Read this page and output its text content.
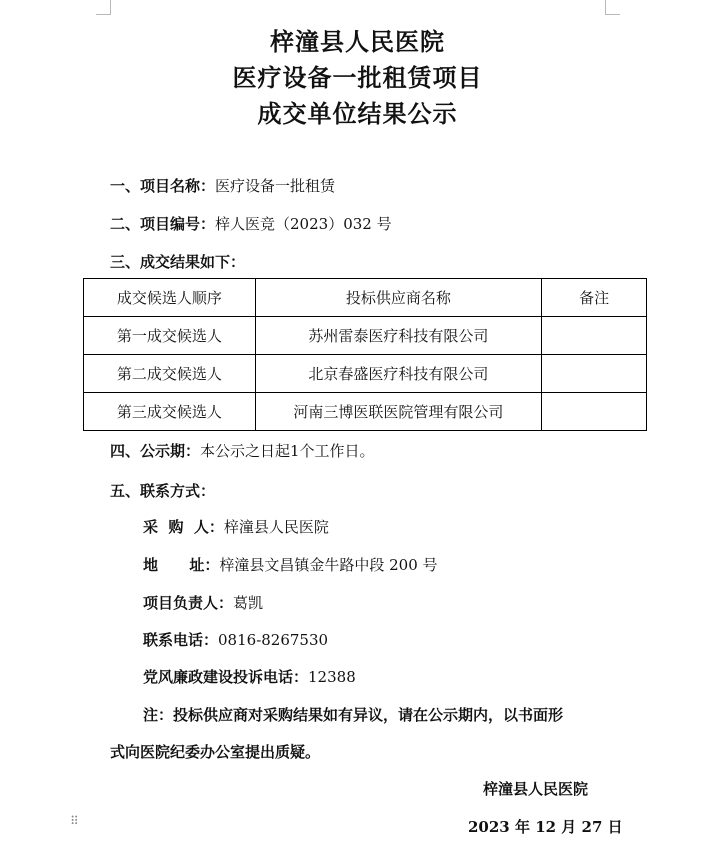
⠿
梓潼县人民医院
医疗设备一批租赁项目
成交单位结果公示
一、项目名称：医疗设备一批租赁
二、项目编号：梓人医竞（2023）032 号
三、成交结果如下：
成交候选人顺序	投标供应商名称	备注
第一成交候选人	苏州雷泰医疗科技有限公司	
第二成交候选人	北京春盛医疗科技有限公司	
第三成交候选人	河南三博医联医院管理有限公司	
四、公示期：本公示之日起1个工作日。
五、联系方式：
采  购  人：梓潼县人民医院
地      址：梓潼县文昌镇金牛路中段 200 号
项目负责人：葛凯
联系电话：0816-8267530
党风廉政建设投诉电话：12388
注：投标供应商对采购结果如有异议，请在公示期内，以书面形
式向医院纪委办公室提出质疑。
梓潼县人民医院
2023 年 12 月 27 日
